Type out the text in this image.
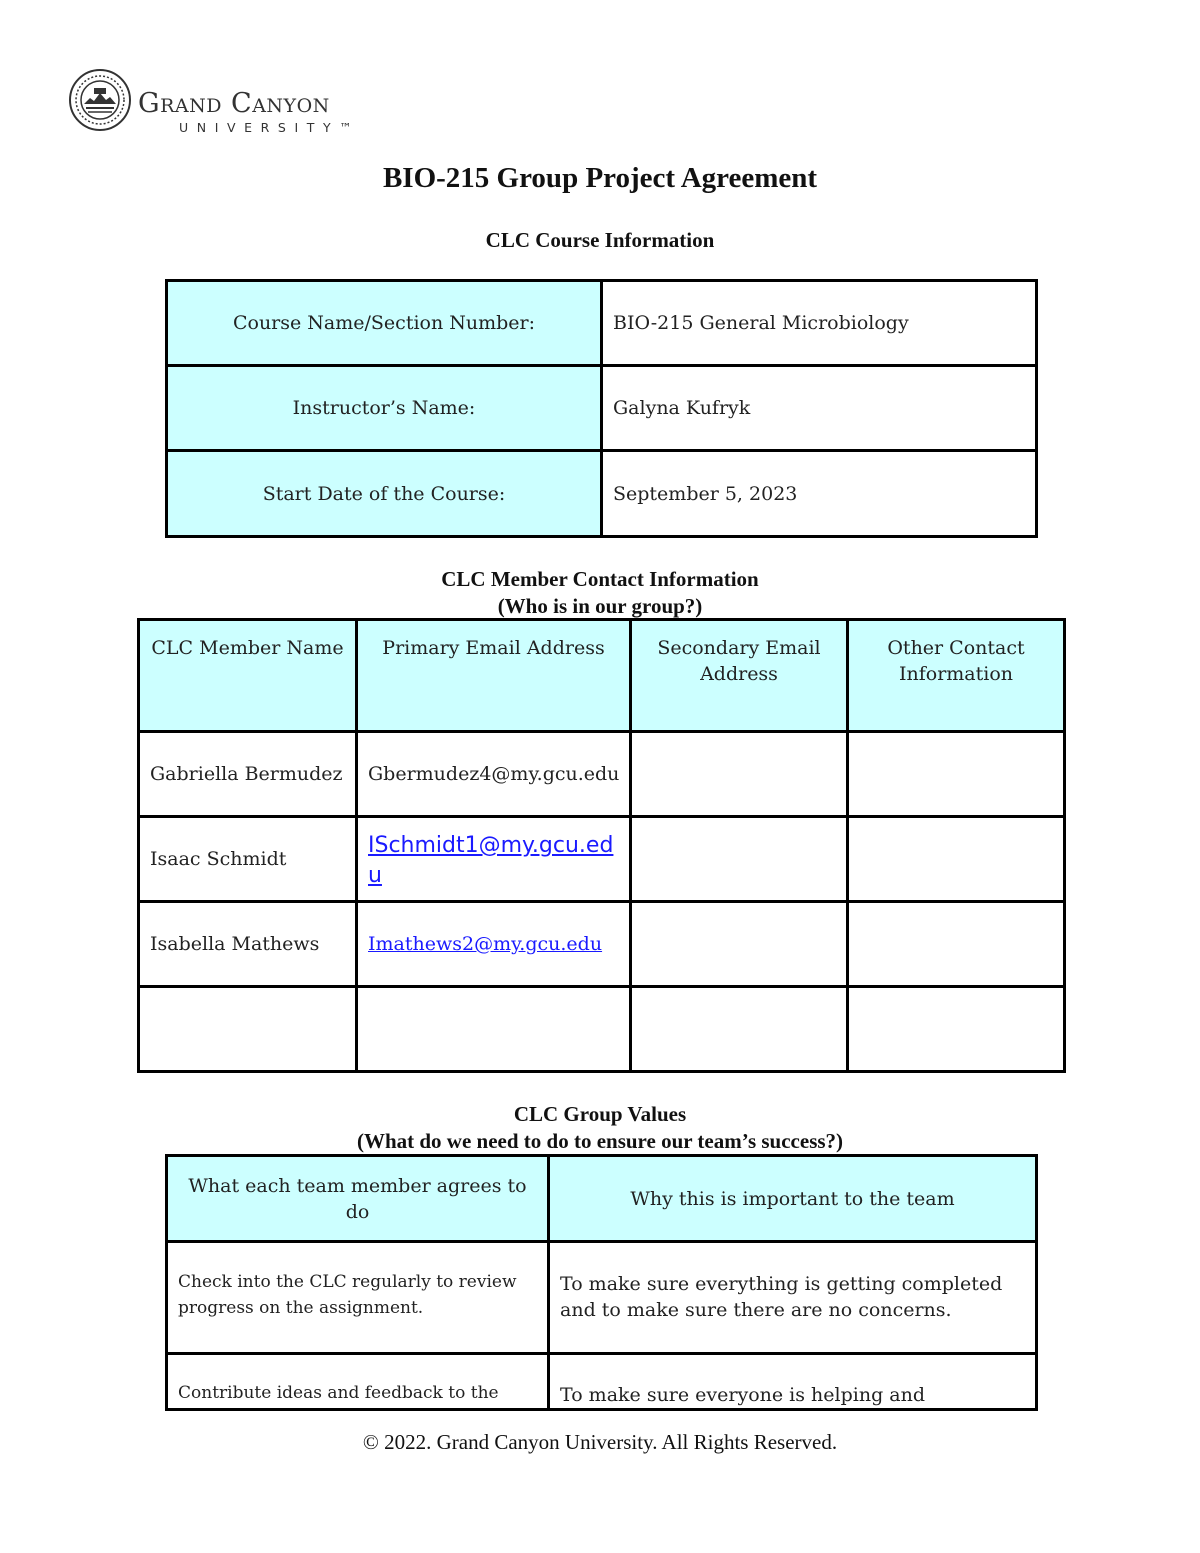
Grand Canyon
UNIVERSITY™
BIO-215 Group Project Agreement
CLC Course Information
Course Name/Section Number:	BIO-215 General Microbiology
Instructor’s Name:	Galyna Kufryk
Start Date of the Course:	September 5, 2023
CLC Member Contact Information
(Who is in our group?)
CLC Member Name	Primary Email Address	Secondary Email Address	Other Contact Information
Gabriella Bermudez	Gbermudez4@my.gcu.edu		
Isaac Schmidt	ISchmidt1@my.gcu.edu		

Isabella Mathews	Imathews2@my.gcu.edu		

CLC Group Values
(What do we need to do to ensure our team’s success?)
What each team member agrees to do	Why this is important to the team
Check into the CLC regularly to review progress on the assignment.	To make sure everything is getting completed and to make sure there are no concerns.
Contribute ideas and feedback to the	To make sure everyone is helping and
© 2022. Grand Canyon University. All Rights Reserved.
